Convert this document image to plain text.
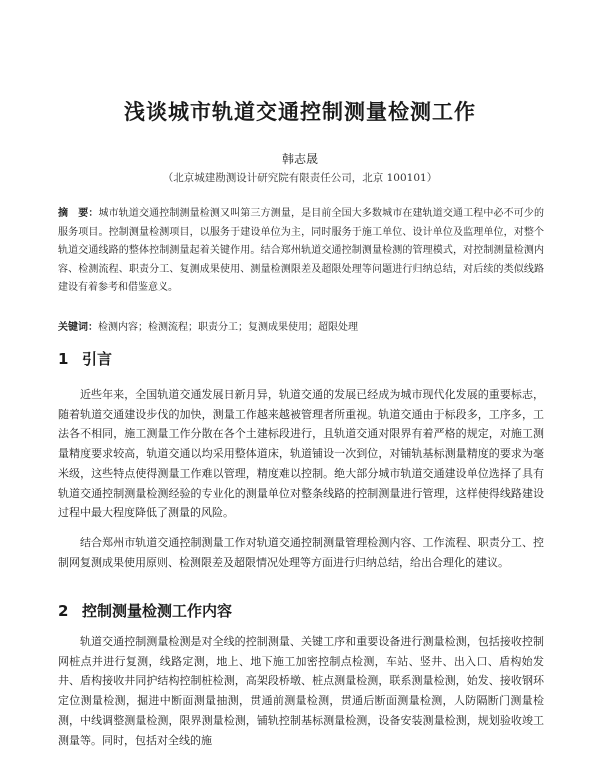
浅谈城市轨道交通控制测量检测工作
韩志晟
（北京城建勘测设计研究院有限责任公司，北京 100101）
摘　要：城市轨道交通控制测量检测又叫第三方测量，是目前全国大多数城市在建轨道交通工程中必不可少的服务项目。控制测量检测项目，以服务于建设单位为主，同时服务于施工单位、设计单位及监理单位，对整个轨道交通线路的整体控制测量起着关键作用。结合郑州轨道交通控制测量检测的管理模式，对控制测量检测内容、检测流程、职责分工、复测成果使用、测量检测限差及超限处理等问题进行归纳总结，对后续的类似线路建设有着参考和借鉴意义。
关键词：检测内容；检测流程；职责分工；复测成果使用；超限处理
1 引言
近些年来，全国轨道交通发展日新月异，轨道交通的发展已经成为城市现代化发展的重要标志，随着轨道交通建设步伐的加快，测量工作越来越被管理者所重视。轨道交通由于标段多，工序多，工法各不相同，施工测量工作分散在各个土建标段进行，且轨道交通对限界有着严格的规定，对施工测量精度要求较高，轨道交通以均采用整体道床，轨道铺设一次到位，对铺轨基标测量精度的要求为毫米级，这些特点使得测量工作难以管理，精度难以控制。绝大部分城市轨道交通建设单位选择了具有轨道交通控制测量检测经验的专业化的测量单位对整条线路的控制测量进行管理，这样使得线路建设过程中最大程度降低了测量的风险。
结合郑州市轨道交通控制测量工作对轨道交通控制测量管理检测内容、工作流程、职责分工、控制网复测成果使用原则、检测限差及超限情况处理等方面进行归纳总结，给出合理化的建议。
2 控制测量检测工作内容
轨道交通控制测量检测是对全线的控制测量、关键工序和重要设备进行测量检测，包括接收控制网桩点并进行复测，线路定测，地上、地下施工加密控制点检测，车站、竖井、出入口、盾构始发井、盾构接收井同护结构控制桩检测，高架段桥墩、桩点测量检测，联系测量检测，始发、接收钢环定位测量检测，掘进中断面测量抽测，贯通前测量检测，贯通后断面测量检测，人防隔断门测量检测，中线调整测量检测，限界测量检测，铺轨控制基标测量检测，设备安装测量检测，规划验收竣工测量等。同时，包括对全线的施
